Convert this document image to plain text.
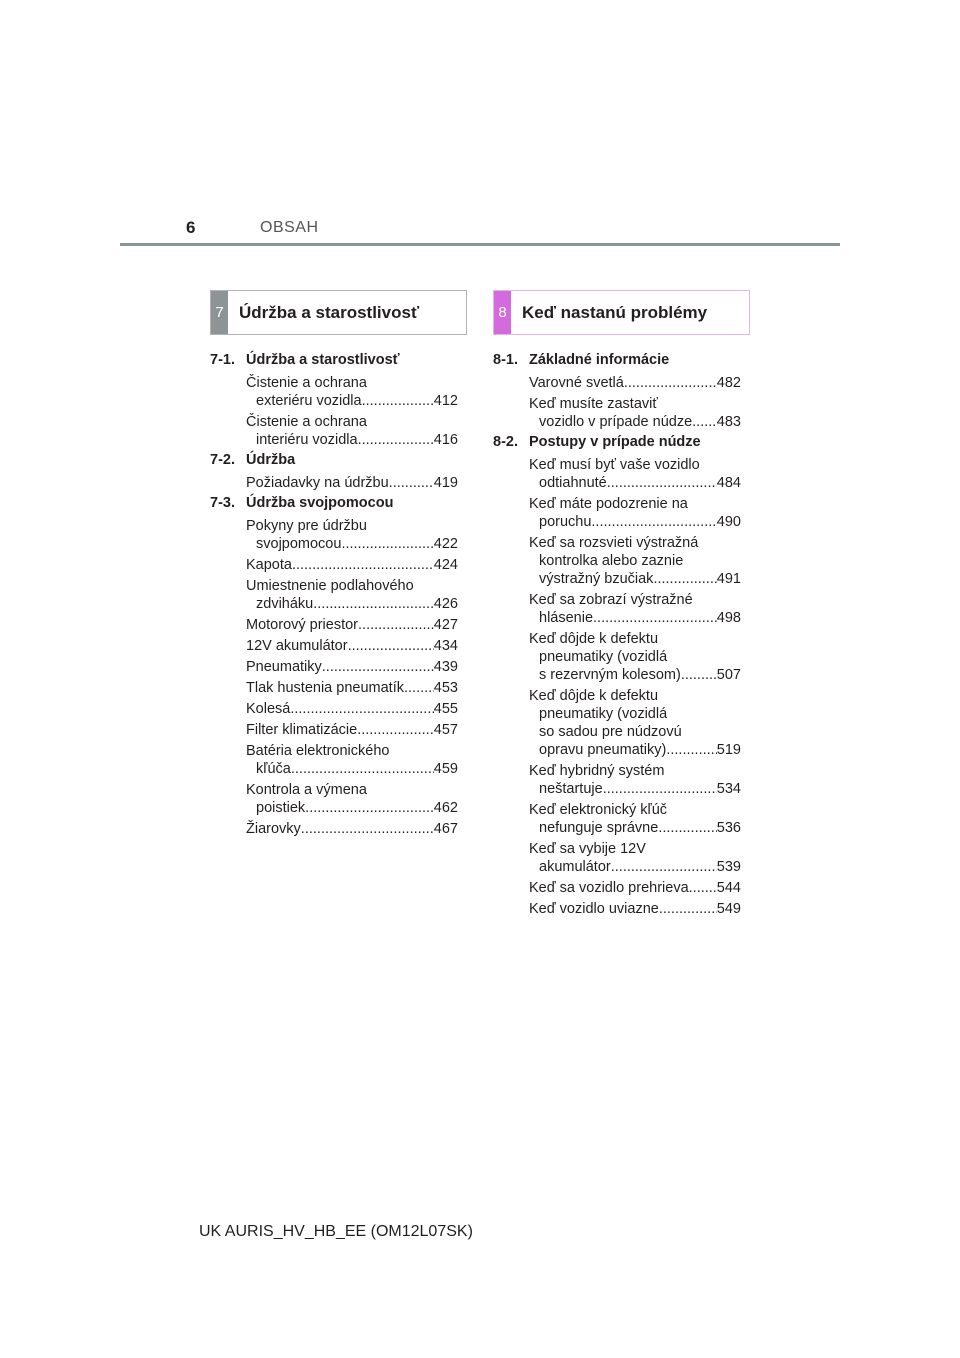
6	OBSAH
7 Údržba a starostlivosť	8 Keď nastanú problémy
7-1. Údržba a starostlivosť
Čistenie a ochrana
exteriéru vozidla .....	412
Čistenie a ochrana
interiéru vozidla .....	416
7-2. Údržba
Požiadavky na údržbu .....	419
7-3. Údržba svojpomocou
Pokyny pre údržbu
svojpomocou .....	422
Kapota .....	424
Umiestnenie podlahového
zdviháku .....	426
Motorový priestor .....	427
12V akumulátor .....	434
Pneumatiky .....	439
Tlak hustenia pneumatík ..... 453
Kolesá .....	455
Filter klimatizácie .....	457
Batéria elektronického
kľúča .....	459
Kontrola a výmena
poistiek .....	462
Žiarovky .....	467
8-1. Základné informácie
Varovné svetlá .....	482
Keď musíte zastaviť
vozidlo v prípade núdze ..... 483
8-2. Postupy v prípade núdze
Keď musí byť vaše vozidlo
odtiahnuté .....	484
Keď máte podozrenie na
poruchu .....	490
Keď sa rozsvieti výstražná
kontrolka alebo zaznie
výstražný bzučiak .....	491
Keď sa zobrazí výstražné
hlásenie .....	498
Keď dôjde k defektu
pneumatiky (vozidlá
s rezervným kolesom) ..... 507
Keď dôjde k defektu
pneumatiky (vozidlá
so sadou pre núdzovú
opravu pneumatiky) .....	519
Keď hybridný systém
neštartuje .....	534
Keď elektronický kľúč
nefunguje správne .....	536
Keď sa vybije 12V
akumulátor .....	539
Keď sa vozidlo prehrieva ..... 544
Keď vozidlo uviazne .....	549
UK AURIS_HV_HB_EE (OM12L07SK)
